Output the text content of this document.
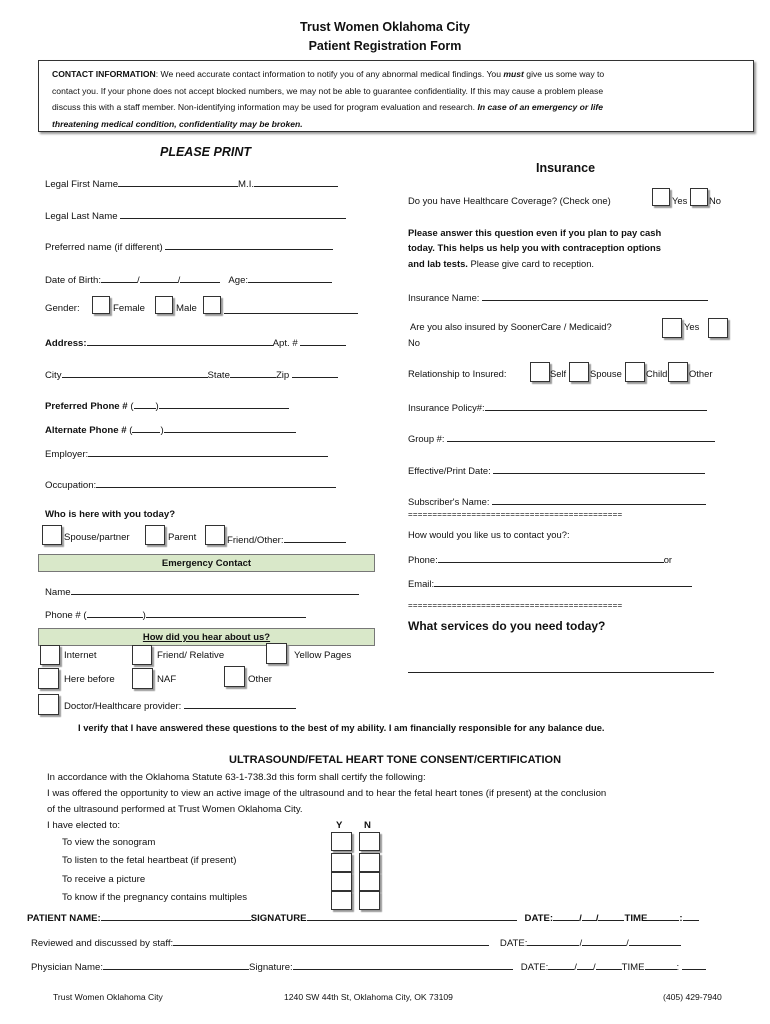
Trust Women Oklahoma City
Patient Registration Form
CONTACT INFORMATION: We need accurate contact information to notify you of any abnormal medical findings. You must give us some way to
contact you. If your phone does not accept blocked numbers, we may not be able to guarantee confidentiality. If this may cause a problem please
discuss this with a staff member. Non-identifying information may be used for program evaluation and research. In case of an emergency or life
threatening medical condition, confidentiality may be broken.
PLEASE PRINT
Legal First Name	M.I.
Legal Last Name
Preferred name (if different)
Date of Birth:	/	/	Age:
Gender:	Female	Male
Address:	Apt. #
City	State	Zip
Preferred Phone # ( )
Alternate Phone # (	)
Employer:
Occupation:
Who is here with you today?
Spouse/partner	Parent	Friend/Other:
Emergency Contact
Name
Phone # (	)
How did you hear about us?
Internet	Friend/ Relative	Yellow Pages
Here before	NAF	Other
Doctor/Healthcare provider:
Insurance
Do you have Healthcare Coverage? (Check one)	Yes No
Please answer this question even if you plan to pay cash
today. This helps us help you with contraception options
and lab tests. Please give card to reception.
Insurance Name:
Are you also insured by SoonerCare / Medicaid?	Yes
No
Relationship to Insured:	Self	Spouse	Child Other
Insurance Policy#:
Group #:
Effective/Print Date:
Subscriber's Name:
============================================
How would you like us to contact you?:
Phone:	or
Email:
============================================
What services do you need today?
I verify that I have answered these questions to the best of my ability. I am financially responsible for any balance due.
ULTRASOUND/FETAL HEART TONE CONSENT/CERTIFICATION
In accordance with the Oklahoma Statute 63-1-738.3d this form shall certify the following:
I was offered the opportunity to view an active image of the ultrasound and to hear the fetal heart tones (if present) at the conclusion
of the ultrasound performed at Trust Women Oklahoma City.
I have elected to:	Y N
To view the sonogram
To listen to the fetal heartbeat (if present)
To receive a picture
To know if the pregnancy contains multiples
PATIENT NAME:	SIGNATURE	DATE:	/ /	TIME	:
Reviewed and discussed by staff:	DATE:	/	/
Physician Name:	Signature:	DATE:	/ /	TIME	:
Trust Women Oklahoma City	1240 SW 44th St, Oklahoma City, OK 73109	(405) 429-7940
